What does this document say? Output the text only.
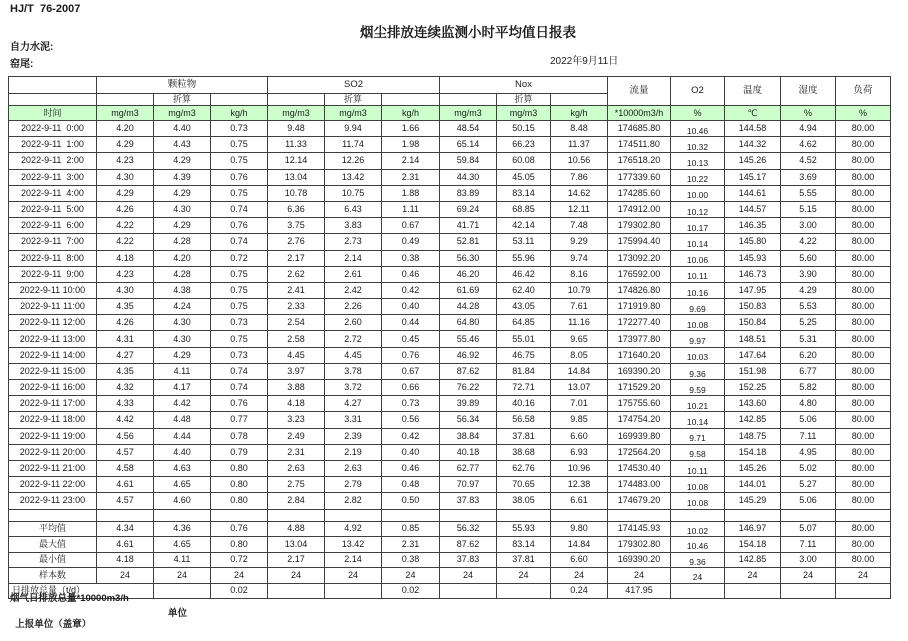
HJ/T  76-2007
烟尘排放连续监测小时平均值日报表
自力水泥:
窑尾:	2022年9月11日
	颗粒物			SO2			Nox			流量	O2	温度	湿度	负荷
		折算			折算			折算						
时间	mg/m3	mg/m3	kg/h	mg/m3	mg/m3	kg/h	mg/m3	mg/m3	kg/h	*10000m3/h	%	℃	%	%
2022-9-11  0:00	4.20	4.40	0.73	9.48	9.94	1.66	48.54	50.15	8.48	174685.80	10.46	144.58	4.94	80.00
2022-9-11  1:00	4.29	4.43	0.75	11.33	11.74	1.98	65.14	66.23	11.37	174511.80	10.32	144.32	4.62	80.00
2022-9-11  2:00	4.23	4.29	0.75	12.14	12.26	2.14	59.84	60.08	10.56	176518.20	10.13	145.26	4.52	80.00
2022-9-11  3:00	4.30	4.39	0.76	13.04	13.42	2.31	44.30	45.05	7.86	177339.60	10.22	145.17	3.69	80.00
2022-9-11  4:00	4.29	4.29	0.75	10.78	10.75	1.88	83.89	83.14	14.62	174285.60	10.00	144.61	5.55	80.00
2022-9-11  5:00	4.26	4.30	0.74	6.36	6.43	1.11	69.24	68.85	12.11	174912.00	10.12	144.57	5.15	80.00
2022-9-11  6:00	4.22	4.29	0.76	3.75	3.83	0.67	41.71	42.14	7.48	179302.80	10.17	146.35	3.00	80.00
2022-9-11  7:00	4.22	4.28	0.74	2.76	2.73	0.49	52.81	53.11	9.29	175994.40	10.14	145.80	4.22	80.00
2022-9-11  8:00	4.18	4.20	0.72	2.17	2.14	0.38	56.30	55.96	9.74	173092.20	10.06	145.93	5.60	80.00
2022-9-11  9:00	4.23	4.28	0.75	2.62	2.61	0.46	46.20	46.42	8.16	176592.00	10.11	146.73	3.90	80.00
2022-9-11 10:00	4.30	4.38	0.75	2.41	2.42	0.42	61.69	62.40	10.79	174826.80	10.16	147.95	4.29	80.00
2022-9-11 11:00	4.35	4.24	0.75	2.33	2.26	0.40	44.28	43.05	7.61	171919.80	9.69	150.83	5.53	80.00
2022-9-11 12:00	4.26	4.30	0.73	2.54	2.60	0.44	64.80	64.85	11.16	172277.40	10.08	150.84	5.25	80.00
2022-9-11 13:00	4.31	4.30	0.75	2.58	2.72	0.45	55.46	55.01	9.65	173977.80	9.97	148.51	5.31	80.00
2022-9-11 14:00	4.27	4.29	0.73	4.45	4.45	0.76	46.92	46.75	8.05	171640.20	10.03	147.64	6.20	80.00
2022-9-11 15:00	4.35	4.11	0.74	3.97	3.78	0.67	87.62	81.84	14.84	169390.20	9.36	151.98	6.77	80.00
2022-9-11 16:00	4.32	4.17	0.74	3.88	3.72	0.66	76.22	72.71	13.07	171529.20	9.59	152.25	5.82	80.00
2022-9-11 17:00	4.33	4.42	0.76	4.18	4.27	0.73	39.89	40.16	7.01	175755.60	10.21	143.60	4.80	80.00
2022-9-11 18:00	4.42	4.48	0.77	3.23	3.31	0.56	56.34	56.58	9.85	174754.20	10.14	142.85	5.06	80.00
2022-9-11 19:00	4.56	4.44	0.78	2.49	2.39	0.42	38.84	37.81	6.60	169939.80	9.71	148.75	7.11	80.00
2022-9-11 20:00	4.57	4.40	0.79	2.31	2.19	0.40	40.18	38.68	6.93	172564.20	9.58	154.18	4.95	80.00
2022-9-11 21:00	4.58	4.63	0.80	2.63	2.63	0.46	62.77	62.76	10.96	174530.40	10.11	145.26	5.02	80.00
2022-9-11 22:00	4.61	4.65	0.80	2.75	2.79	0.48	70.97	70.65	12.38	174483.00	10.08	144.01	5.27	80.00
2022-9-11 23:00	4.57	4.60	0.80	2.84	2.82	0.50	37.83	38.05	6.61	174679.20	10.08	145.29	5.06	80.00

平均值	4.34	4.36	0.76	4.88	4.92	0.85	56.32	55.93	9.80	174145.93	10.02	146.97	5.07	80.00
最大值	4.61	4.65	0.80	13.04	13.42	2.31	87.62	83.14	14.84	179302.80	10.46	154.18	7.11	80.00
最小值	4.18	4.11	0.72	2.17	2.14	0.38	37.83	37.81	6.60	169390.20	9.36	142.85	3.00	80.00
样本数	24	24	24	24	24	24	24	24	24	24	24	24	24	24
日排放总量（t/d）			0.02			0.02			0.24	417.95				
烟气日排放总量*10000m3/h

上报单位（盖章）

单位
